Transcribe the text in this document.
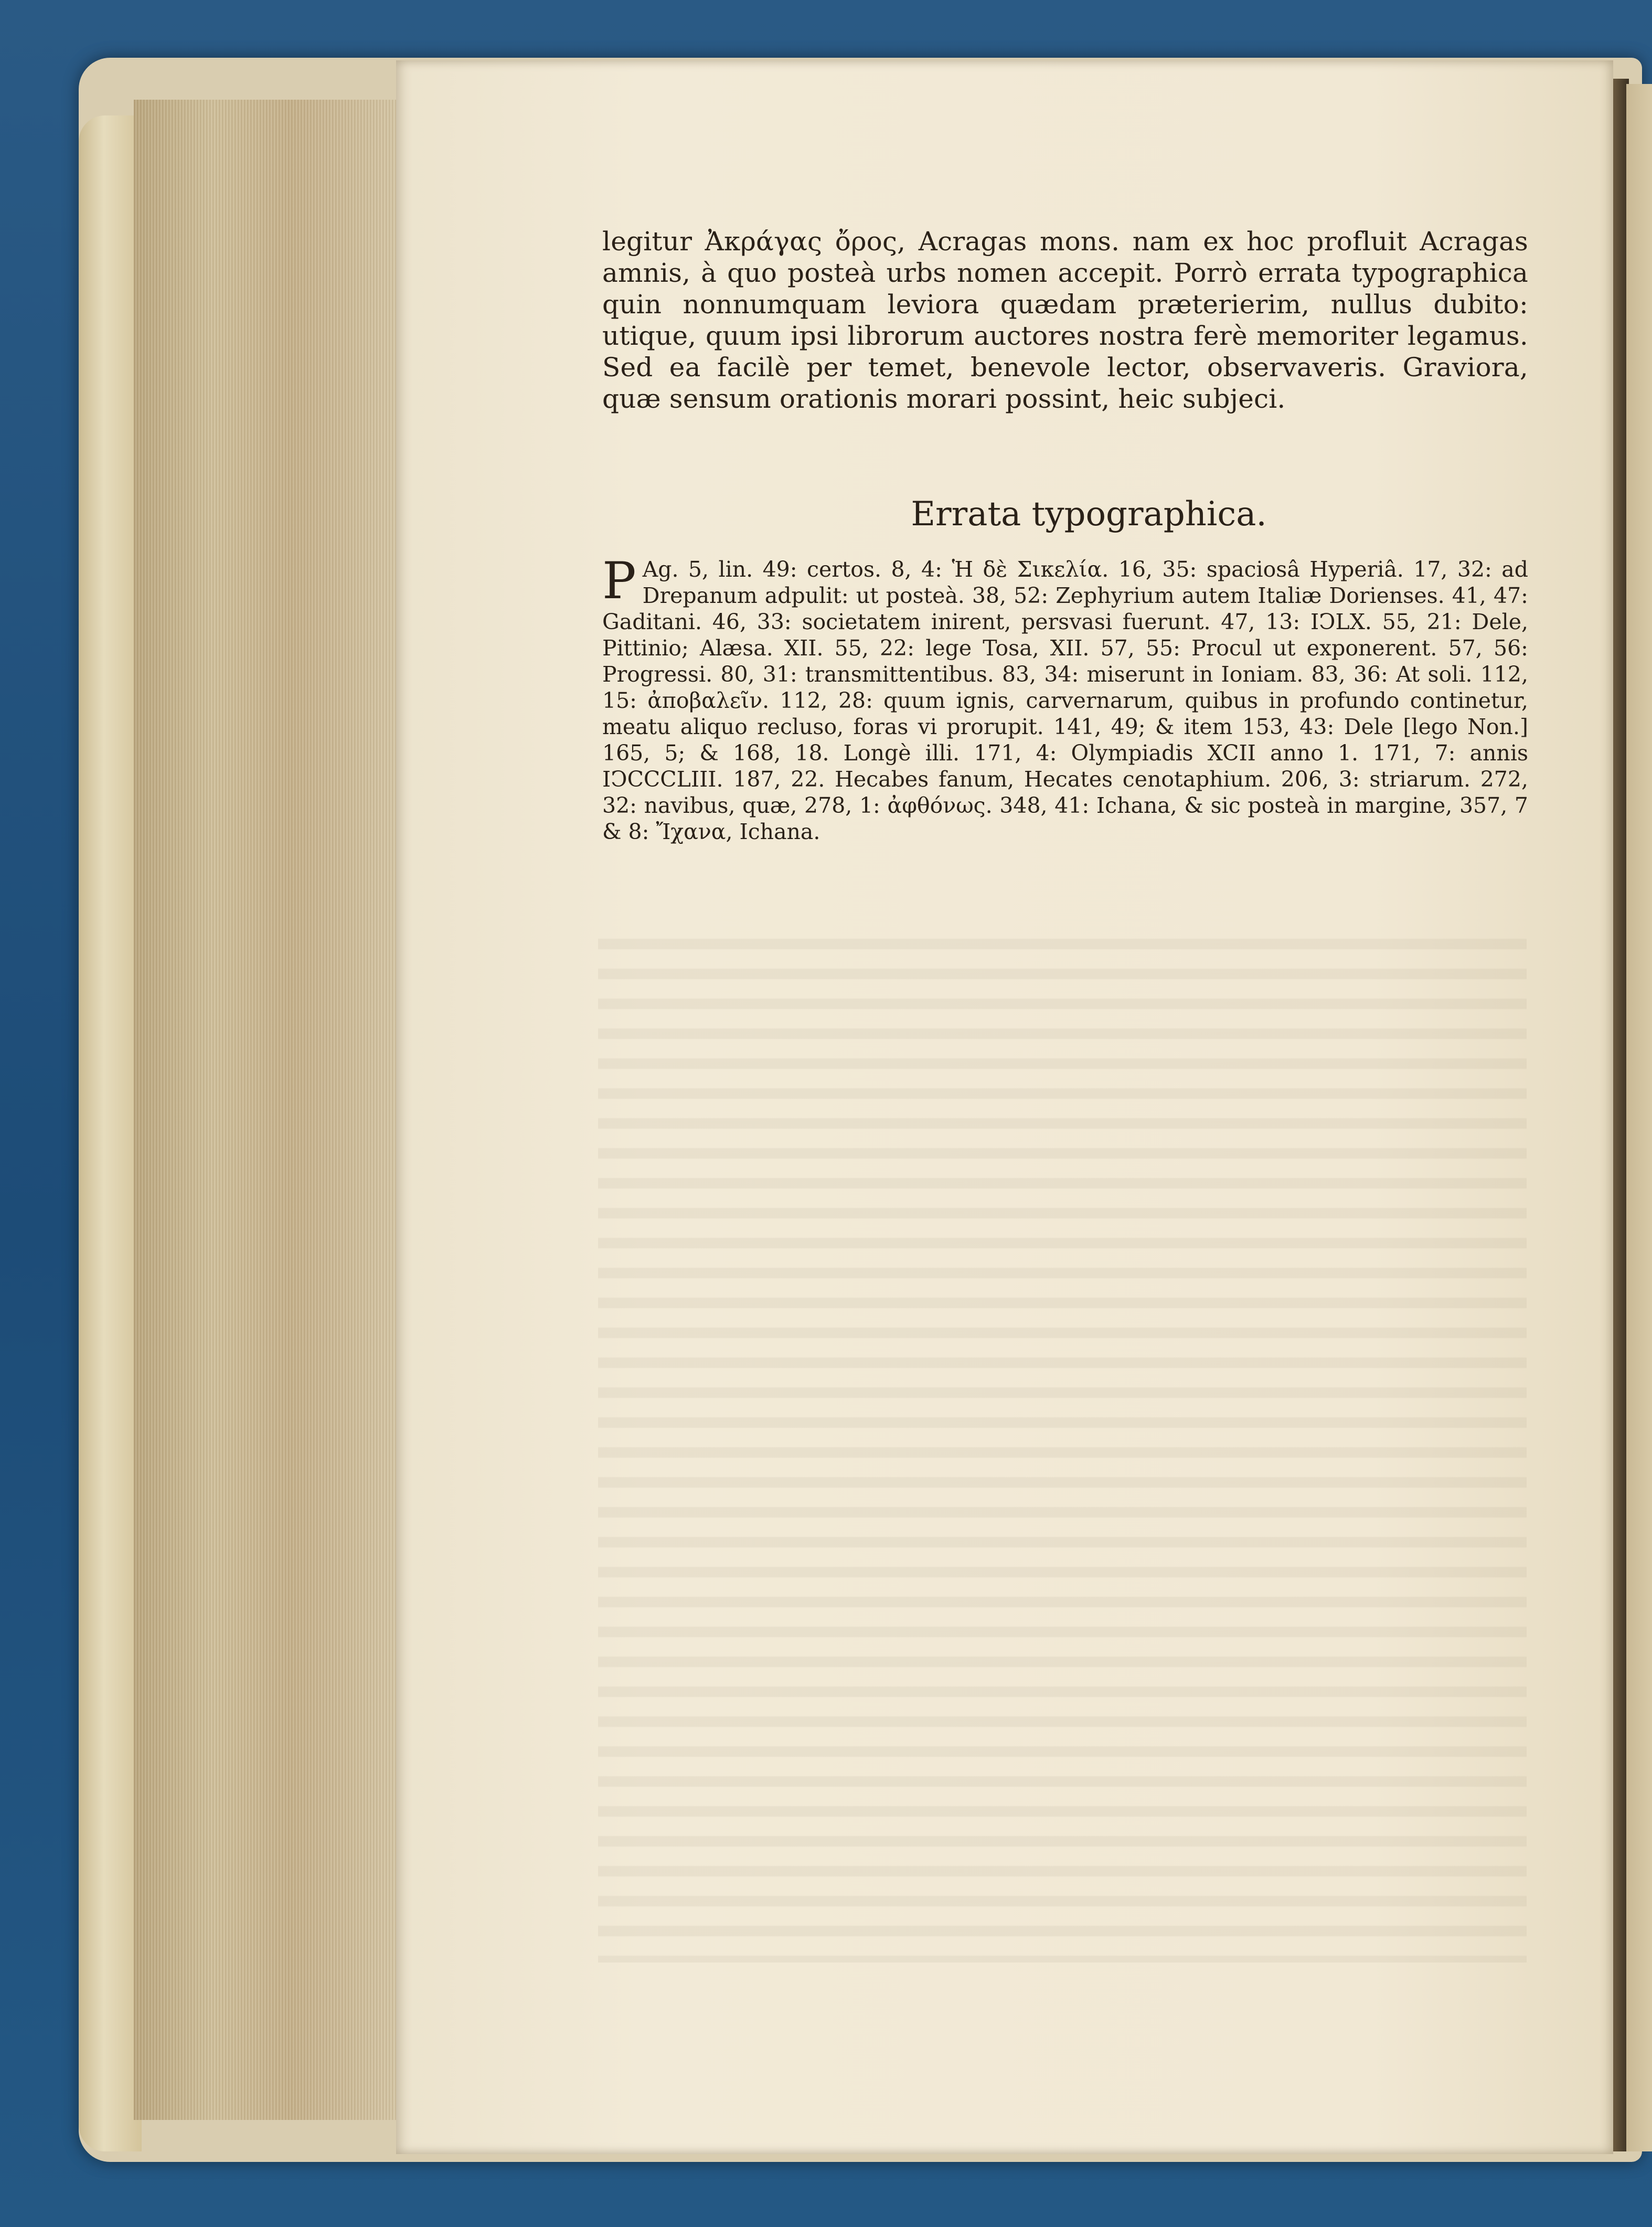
legitur Ἀκράγας ὄρος, Acragas mons. nam ex hoc profluit Acragas amnis, à quo posteà urbs nomen accepit. Porrò errata typographica quin nonnumquam leviora quædam præterierim, nullus dubito: utique, quum ipsi librorum auctores nostra ferè memoriter legamus. Sed ea facilè per temet, benevole lector, observaveris. Graviora, quæ sensum orationis morari possint, heic subjeci.

Errata typographica.
P Ag. 5, lin. 49: certos. 8, 4: Ἡ δὲ Σικελία. 16, 35: spaciosâ Hyperiâ. 17, 32: ad Drepanum adpulit: ut posteà. 38, 52: Zephyrium autem Italiæ Dorienses. 41, 47: Gaditani. 46, 33: societatem inirent, persvasi fuerunt. 47, 13: IↃLX. 55, 21: Dele, Pittinio; Alæsa. XII. 55, 22: lege Tosa, XII. 57, 55: Procul ut exponerent. 57, 56: Progressi. 80, 31: transmittentibus. 83, 34: miserunt in Ioniam. 83, 36: At soli. 112, 15: ἀποβαλεῖν. 112, 28: quum ignis, carvernarum, quibus in profundo continetur, meatu aliquo recluso, foras vi prorupit. 141, 49; & item 153, 43: Dele [lego Non.] 165, 5; & 168, 18. Longè illi. 171, 4: Olympiadis XCII anno 1. 171, 7: annis IↃCCCLIII. 187, 22. Hecabes fanum, Hecates cenotaphium. 206, 3: striarum. 272, 32: navibus, quæ, 278, 1: ἀφθόνως. 348, 41: Ichana, & sic posteà in margine, 357, 7 & 8: Ἴχανα, Ichana.
